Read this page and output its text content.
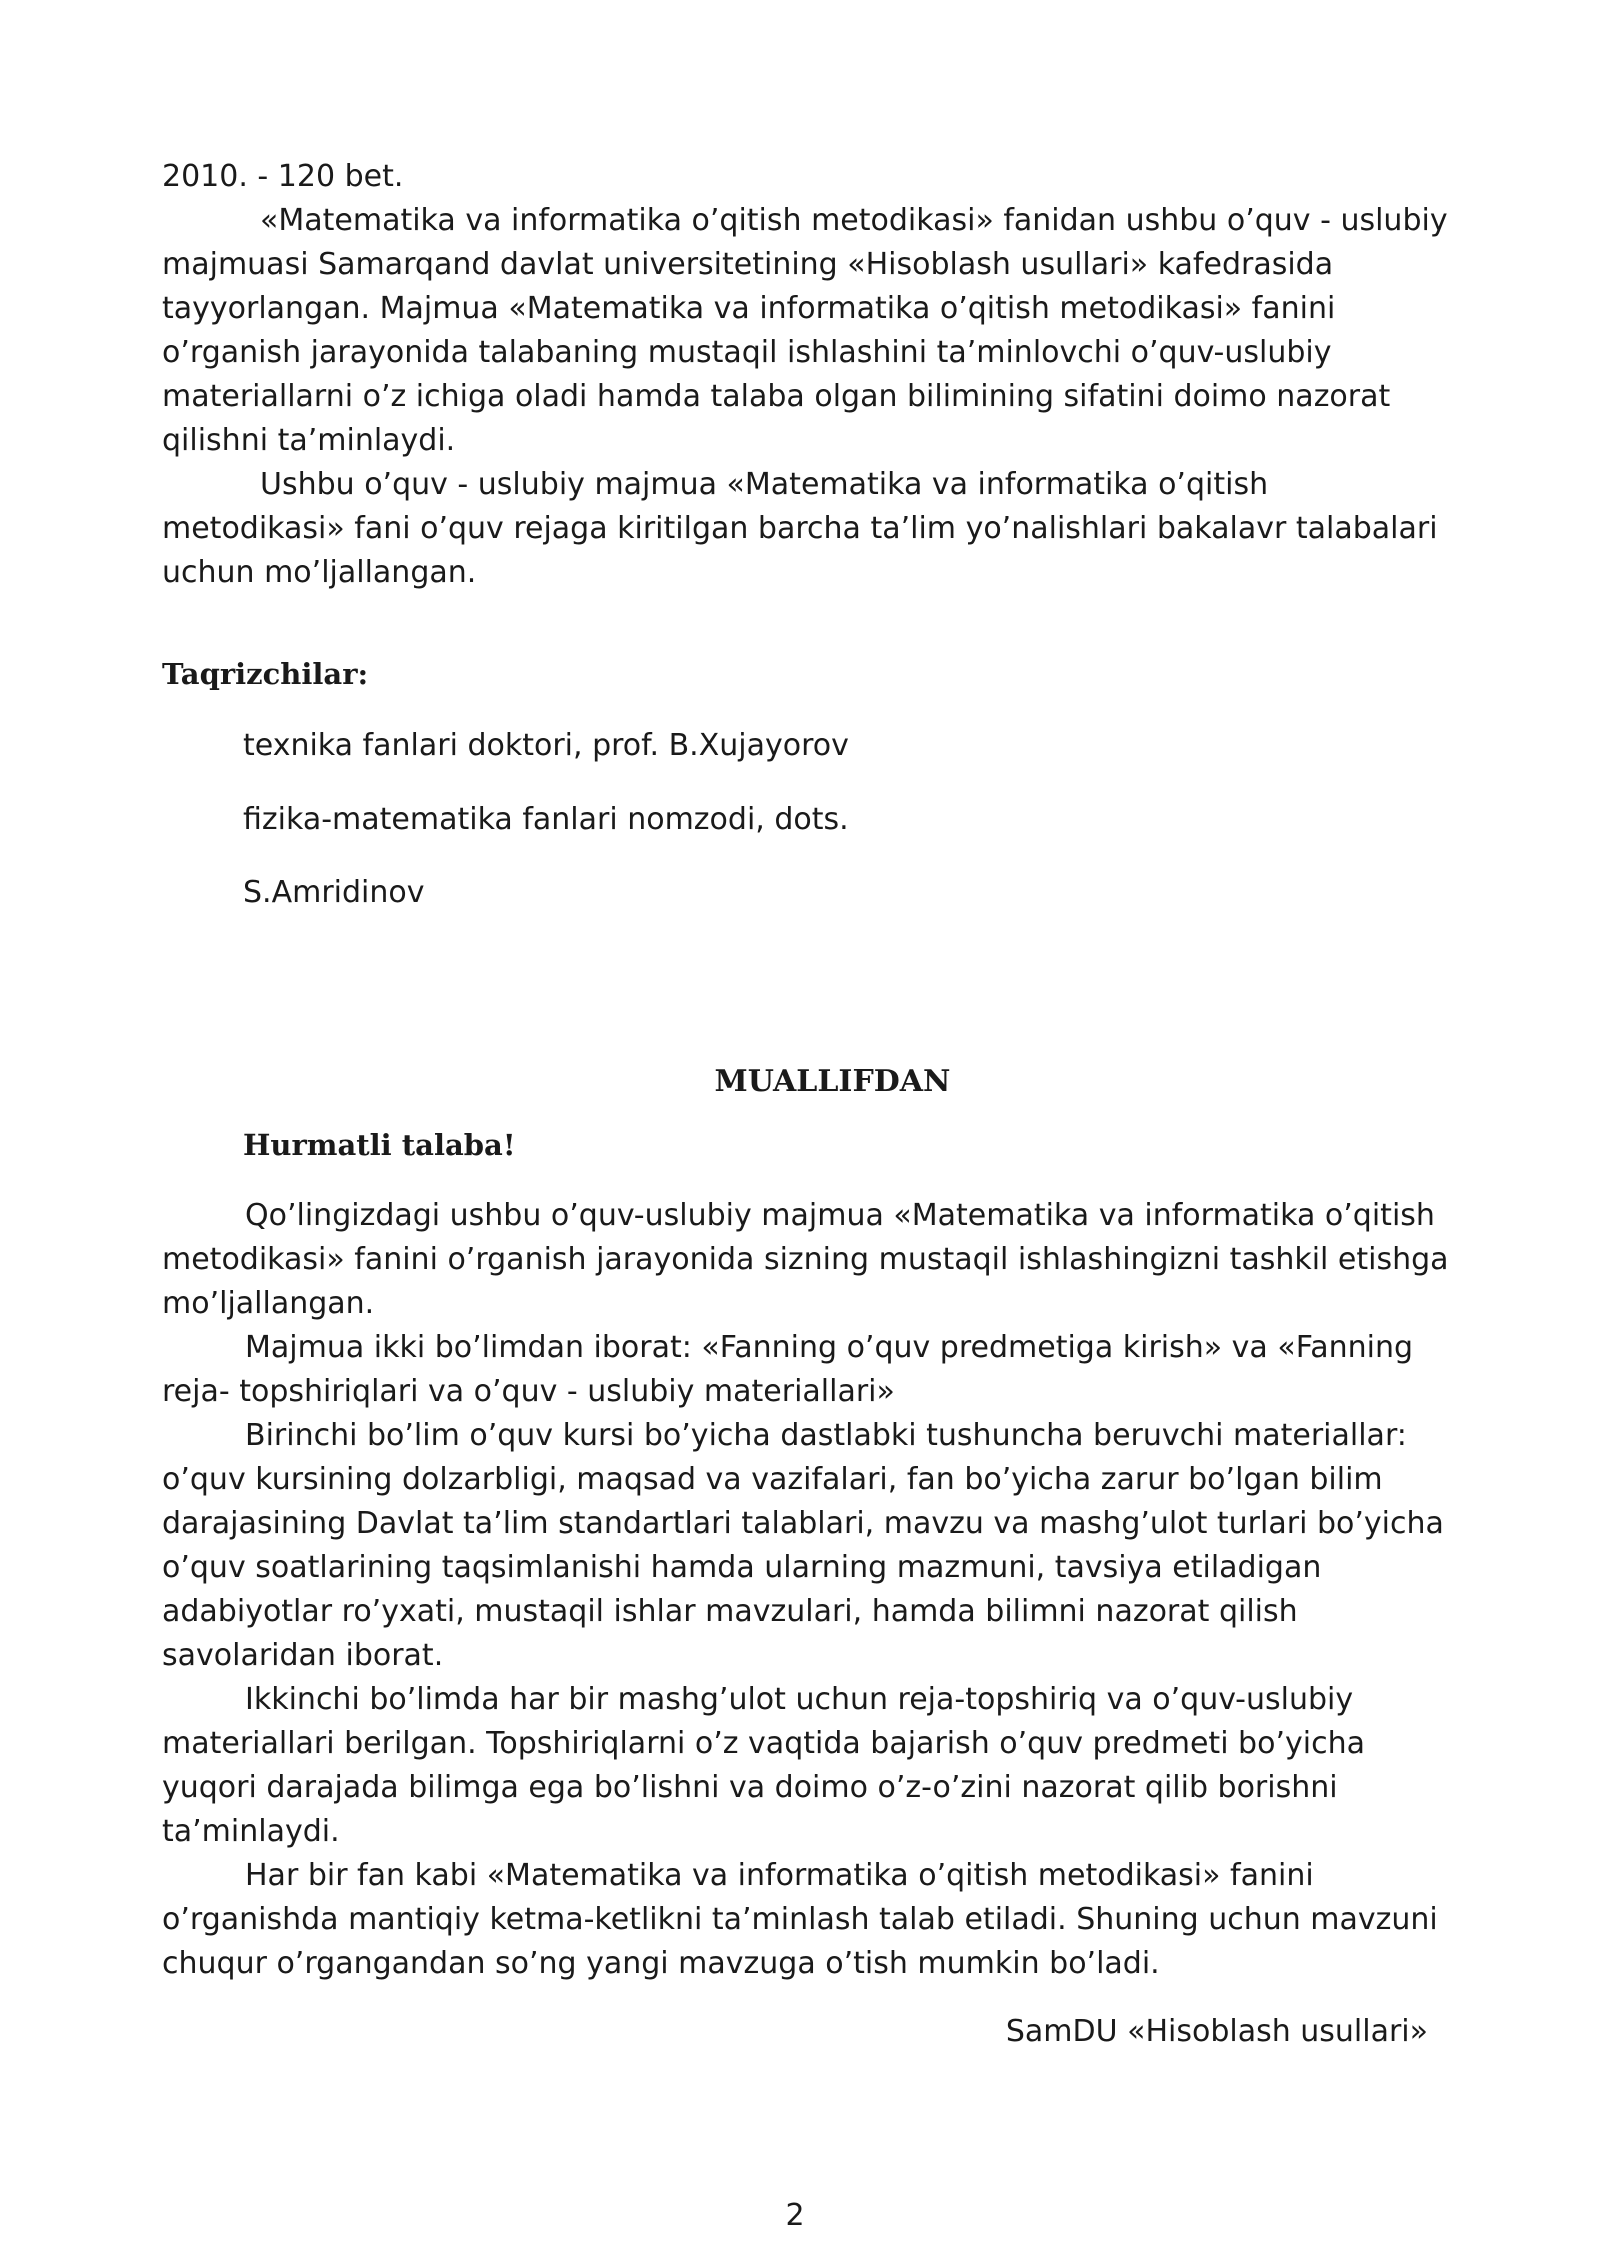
2010. - 120 bet.

«Matematika va informatika o’qitish metodikasi» fanidan ushbu o’quv - uslubiy majmuasi Samarqand davlat universitetining «Hisoblash usullari» kafedrasida tayyorlangan. Majmua «Matematika va informatika o’qitish metodikasi» fanini o’rganish jarayonida talabaning mustaqil ishlashini ta’minlovchi o’quv-uslubiy materiallarni o’z ichiga oladi hamda talaba olgan bilimining sifatini doimo nazorat qilishni ta’minlaydi.

Ushbu o’quv - uslubiy majmua «Matematika va informatika o’qitish metodikasi» fani o’quv rejaga kiritilgan barcha ta’lim yo’nalishlari bakalavr talabalari uchun mo’ljallangan.

Taqrizchilar:

texnika fanlari doktori, prof. B.Xujayorov

fizika-matematika fanlari nomzodi, dots.

S.Amridinov

MUALLIFDAN

Hurmatli talaba!

Qo’lingizdagi ushbu o’quv-uslubiy majmua «Matematika va informatika o’qitish metodikasi» fanini o’rganish jarayonida sizning mustaqil ishlashingizni tashkil etishga mo’ljallangan.

Majmua ikki bo’limdan iborat: «Fanning o’quv predmetiga kirish» va «Fanning reja- topshiriqlari va o’quv - uslubiy materiallari»

Birinchi bo’lim o’quv kursi bo’yicha dastlabki tushuncha beruvchi materiallar: o’quv kursining dolzarbligi, maqsad va vazifalari, fan bo’yicha zarur bo’lgan bilim darajasining Davlat ta’lim standartlari talablari, mavzu va mashg’ulot turlari bo’yicha o’quv soatlarining taqsimlanishi hamda ularning mazmuni, tavsiya etiladigan adabiyotlar ro’yxati, mustaqil ishlar mavzulari, hamda bilimni nazorat qilish savolaridan iborat.

Ikkinchi bo’limda har bir mashg’ulot uchun reja-topshiriq va o’quv-uslubiy materiallari berilgan. Topshiriqlarni o’z vaqtida bajarish o’quv predmeti bo’yicha yuqori darajada bilimga ega bo’lishni va doimo o’z-o’zini nazorat qilib borishni ta’minlaydi.

Har bir fan kabi «Matematika va informatika o’qitish metodikasi» fanini o’rganishda mantiqiy ketma-ketlikni ta’minlash talab etiladi. Shuning uchun mavzuni chuqur o’rgangandan so’ng yangi mavzuga o’tish mumkin bo’ladi.

SamDU «Hisoblash usullari»

2
